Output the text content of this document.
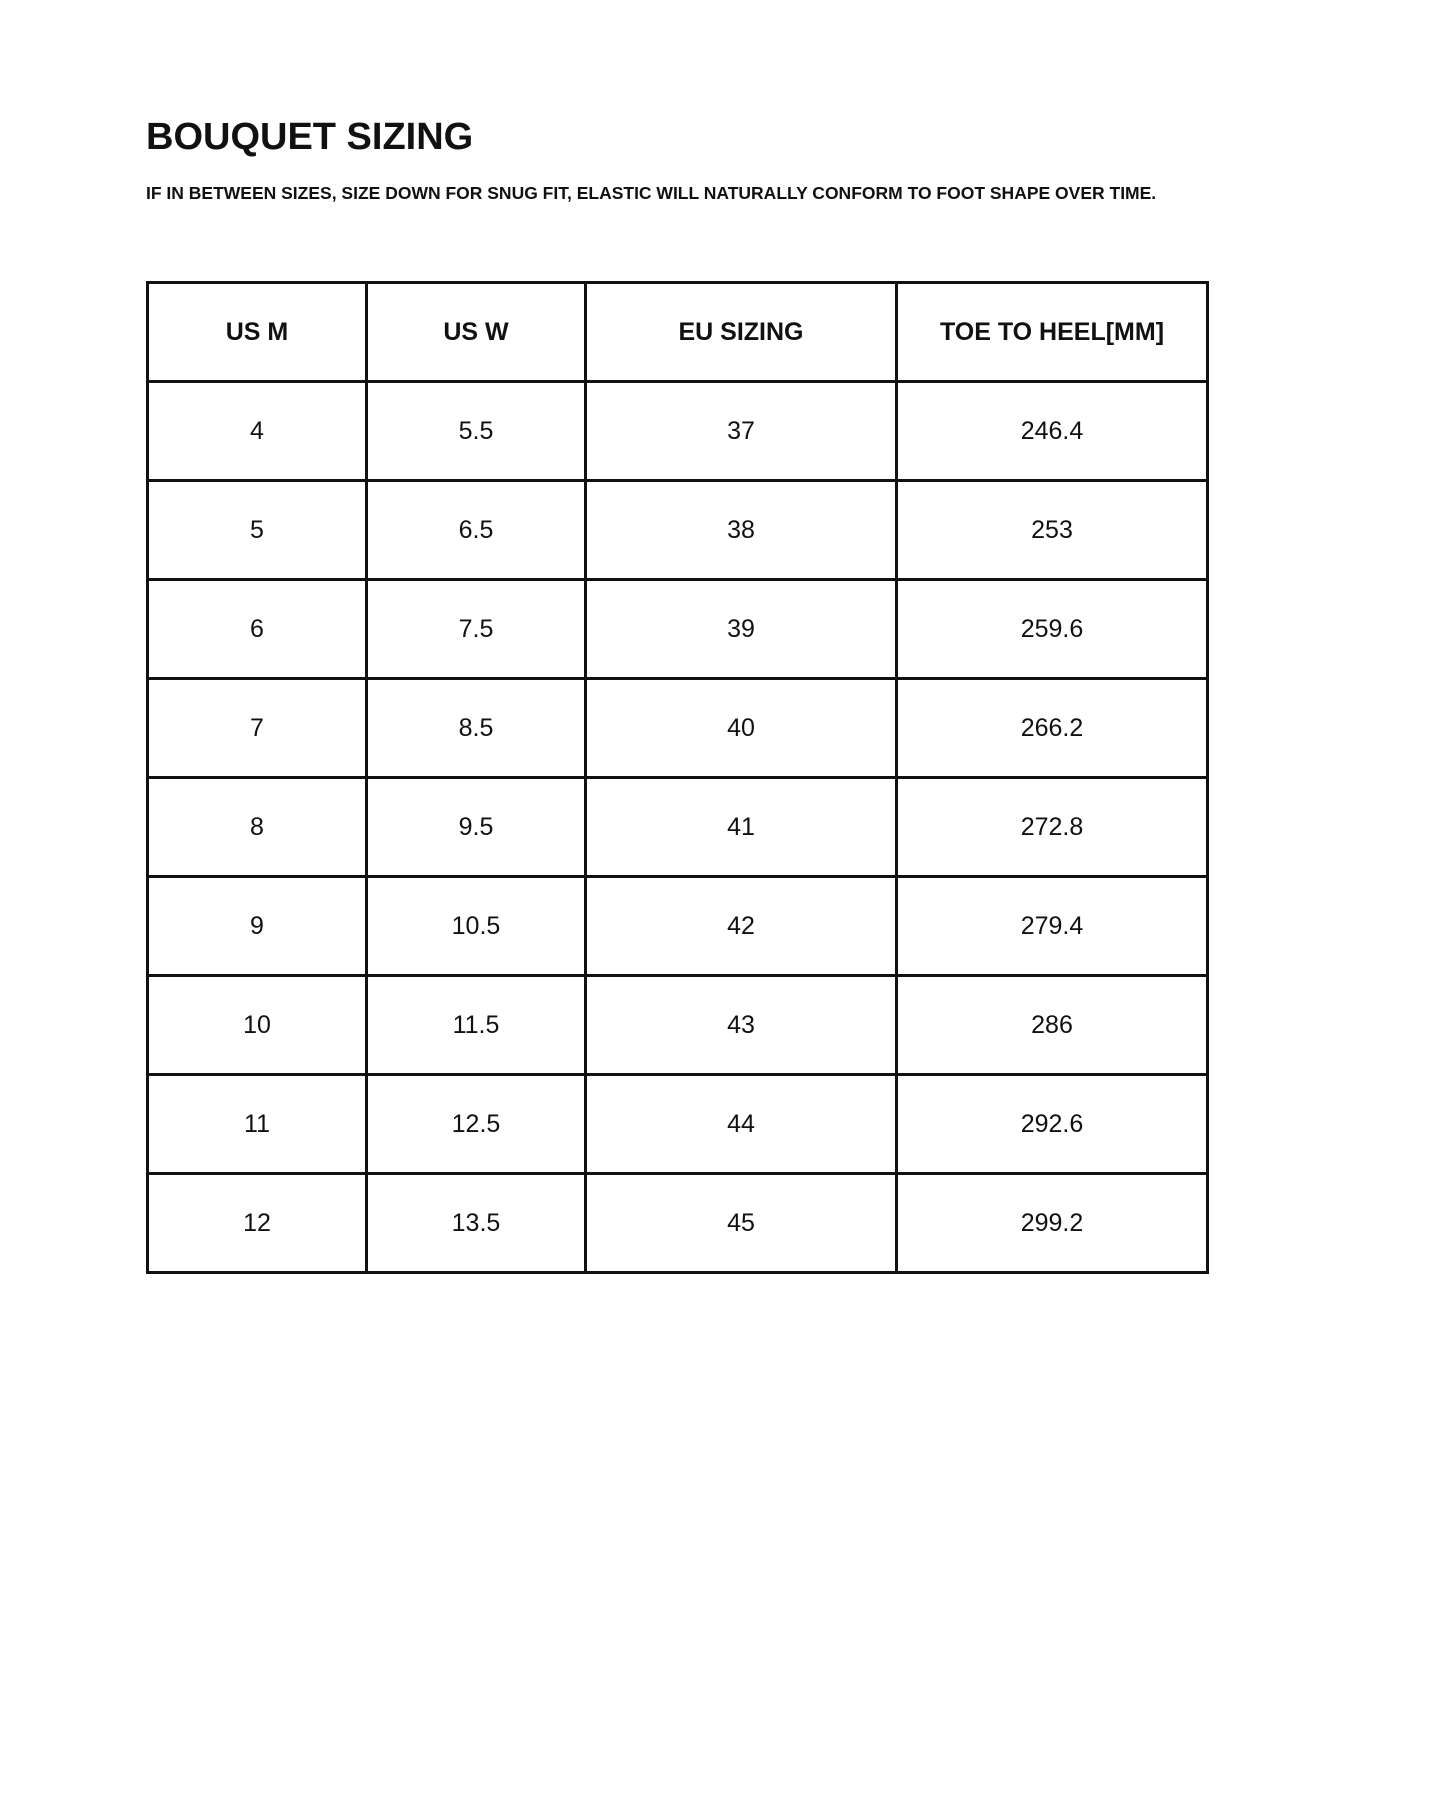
BOUQUET SIZING

IF IN BETWEEN SIZES, SIZE DOWN FOR SNUG FIT, ELASTIC WILL NATURALLY CONFORM TO FOOT SHAPE OVER TIME.

US M	US W	EU SIZING	TOE TO HEEL[MM]
4	5.5	37	246.4
5	6.5	38	253
6	7.5	39	259.6
7	8.5	40	266.2
8	9.5	41	272.8
9	10.5	42	279.4
10	11.5	43	286
11	12.5	44	292.6
12	13.5	45	299.2
